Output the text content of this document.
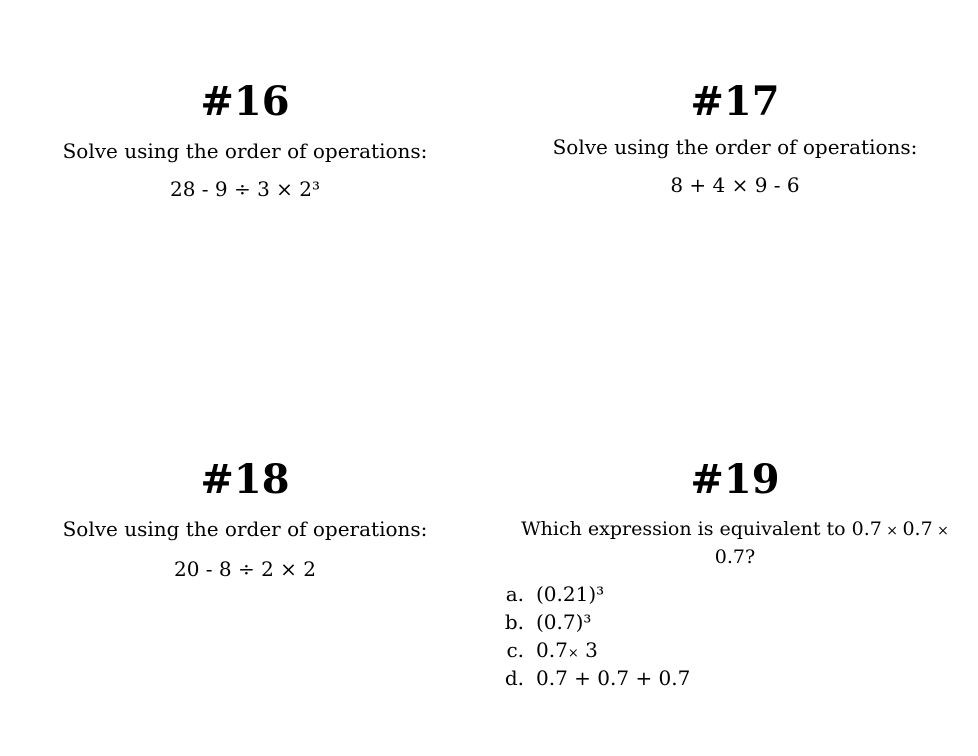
#16

Solve using the order of operations:

28 - 9 ÷ 3 × 2³

#17

Solve using the order of operations:

8 + 4 × 9 - 6

#18

Solve using the order of operations:

20 - 8 ÷ 2 × 2

#19

Which expression is equivalent to 0.7 × 0.7 × 0.7?

a. (0.21)³
b. (0.7)³
c. 0.7× 3
d. 0.7 + 0.7 + 0.7
